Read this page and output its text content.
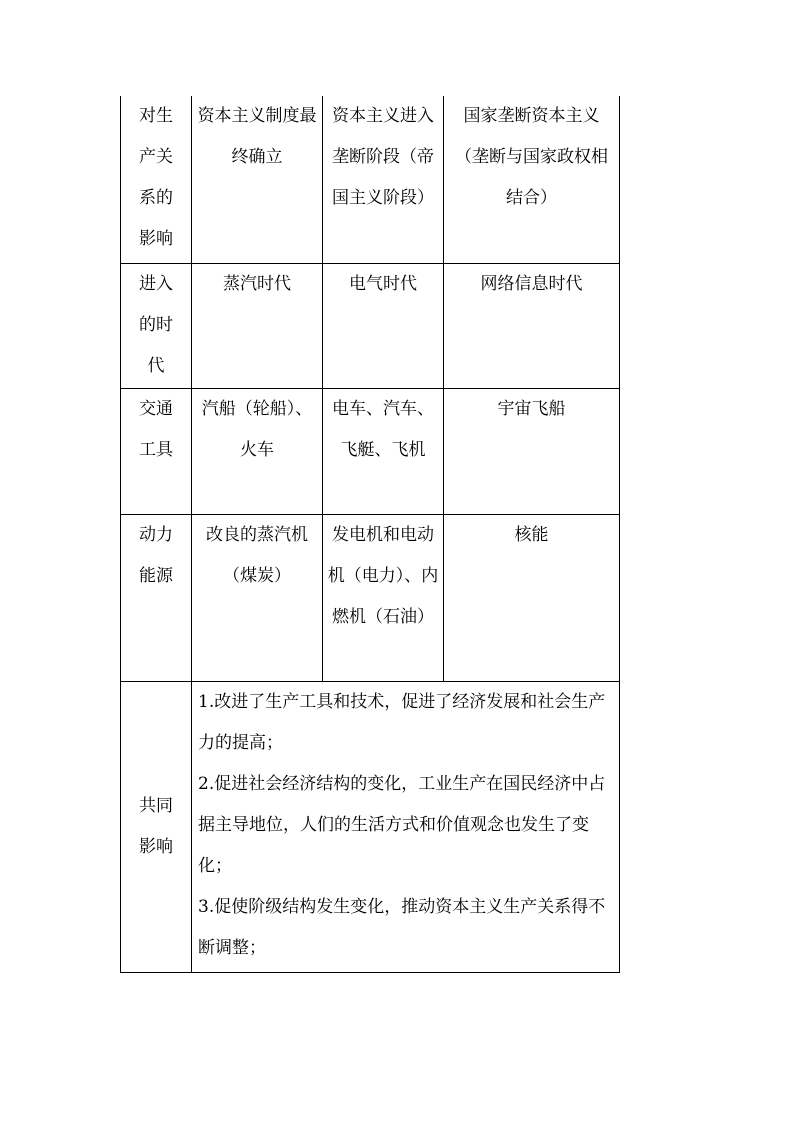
对生产关系的影响	资本主义制度最终确立	资本主义进入垄断阶段（帝国主义阶段）	国家垄断资本主义（垄断与国家政权相结合）
进入的时代	蒸汽时代	电气时代	网络信息时代
交通工具	汽船（轮船）、火车	电车、汽车、飞艇、飞机	宇宙飞船
动力能源	改良的蒸汽机（煤炭）	发电机和电动机（电力）、内燃机（石油）	核能
共同影响	1.改进了生产工具和技术，促进了经济发展和社会生产力的提高；
2.促进社会经济结构的变化，工业生产在国民经济中占据主导地位，人们的生活方式和价值观念也发生了变化；
3.促使阶级结构发生变化，推动资本主义生产关系得不断调整；		
